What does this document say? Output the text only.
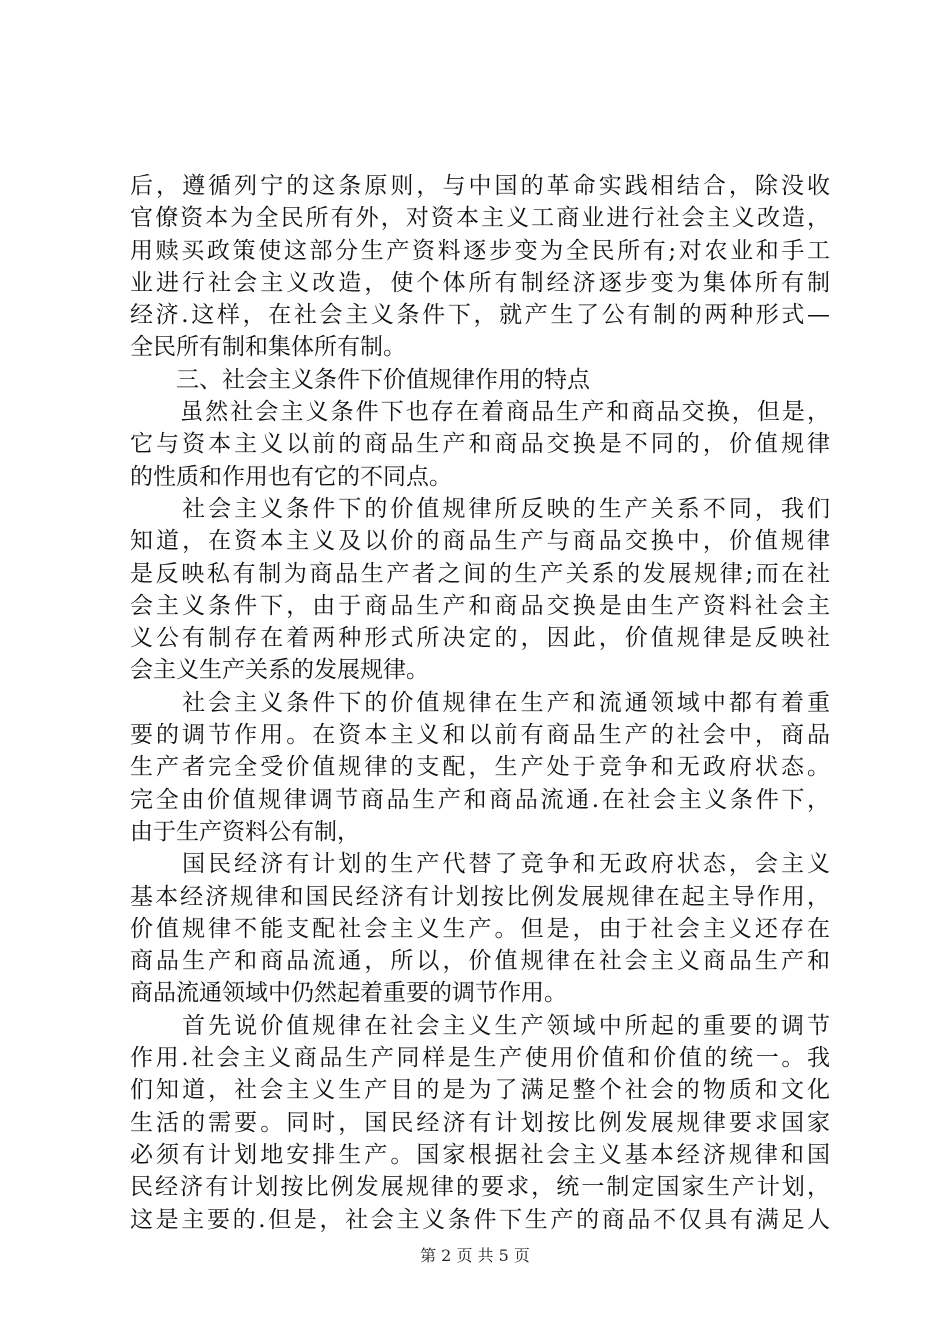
后，遵循列宁的这条原则，与中国的革命实践相结合，除没收
官僚资本为全民所有外，对资本主义工商业进行社会主义改造，
用赎买政策使这部分生产资料逐步变为全民所有;对农业和手工
业进行社会主义改造，使个体所有制经济逐步变为集体所有制
经济.这样，在社会主义条件下，就产生了公有制的两种形式—
全民所有制和集体所有制。
　　三、社会主义条件下价值规律作用的特点
　　虽然社会主义条件下也存在着商品生产和商品交换，但是，
它与资本主义以前的商品生产和商品交换是不同的，价值规律
的性质和作用也有它的不同点。
　　社会主义条件下的价值规律所反映的生产关系不同，我们
知道，在资本主义及以价的商品生产与商品交换中，价值规律
是反映私有制为商品生产者之间的生产关系的发展规律;而在社
会主义条件下，由于商品生产和商品交换是由生产资料社会主
义公有制存在着两种形式所决定的，因此，价值规律是反映社
会主义生产关系的发展规律。
　　社会主义条件下的价值规律在生产和流通领域中都有着重
要的调节作用。在资本主义和以前有商品生产的社会中，商品
生产者完全受价值规律的支配，生产处于竞争和无政府状态。
完全由价值规律调节商品生产和商品流通.在社会主义条件下，
由于生产资料公有制，
　　国民经济有计划的生产代替了竞争和无政府状态，会主义
基本经济规律和国民经济有计划按比例发展规律在起主导作用，
价值规律不能支配社会主义生产。但是，由于社会主义还存在
商品生产和商品流通，所以，价值规律在社会主义商品生产和
商品流通领域中仍然起着重要的调节作用。
　　首先说价值规律在社会主义生产领域中所起的重要的调节
作用.社会主义商品生产同样是生产使用价值和价值的统一。我
们知道，社会主义生产目的是为了满足整个社会的物质和文化
生活的需要。同时，国民经济有计划按比例发展规律要求国家
必须有计划地安排生产。国家根据社会主义基本经济规律和国
民经济有计划按比例发展规律的要求，统一制定国家生产计划，
这是主要的.但是，社会主义条件下生产的商品不仅具有满足人
第 2 页 共 5 页
